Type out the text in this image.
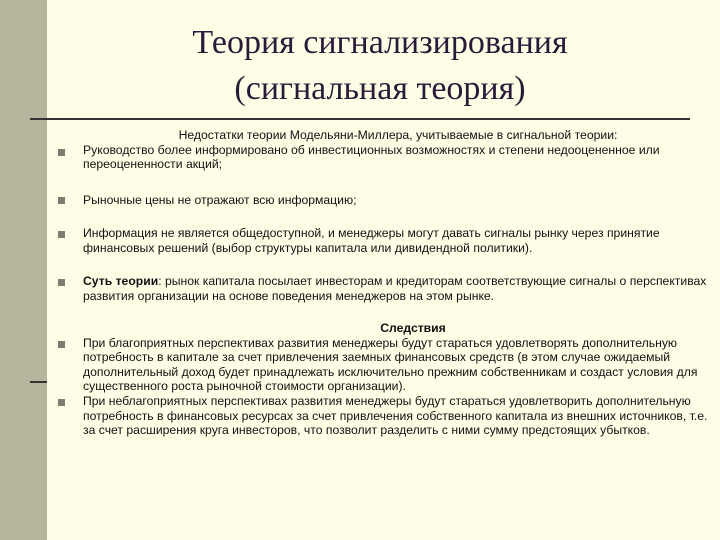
Теория сигнализирования
(сигнальная теория)
Недостатки теории Модельяни-Миллера, учитываемые в сигнальной теории:
Руководство более информировано об инвестиционных возможностях и степени недооцененное или переоцененности акций;
Рыночные цены не отражают всю информацию;
Информация не является общедоступной, и менеджеры могут давать сигналы рынку через принятие финансовых решений (выбор структуры капитала или дивидендной политики).
Суть теории: рынок капитала посылает инвесторам и кредиторам соответствующие сигналы о перспективах развития организации на основе поведения менеджеров на этом рынке.
Следствия
При благоприятных перспективах развития менеджеры будут стараться удовлетворять дополнительную потребность в капитале за счет привлечения заемных финансовых средств (в этом случае ожидаемый дополнительный доход будет принадлежать исключительно прежним собственникам и создаст условия для существенного роста рыночной стоимости организации).
При неблагоприятных перспективах развития менеджеры будут стараться удовлетворить дополнительную потребность в финансовых ресурсах за счет привлечения собственного капитала из внешних источников, т.е. за счет расширения круга инвесторов, что позволит разделить с ними сумму предстоящих убытков.
